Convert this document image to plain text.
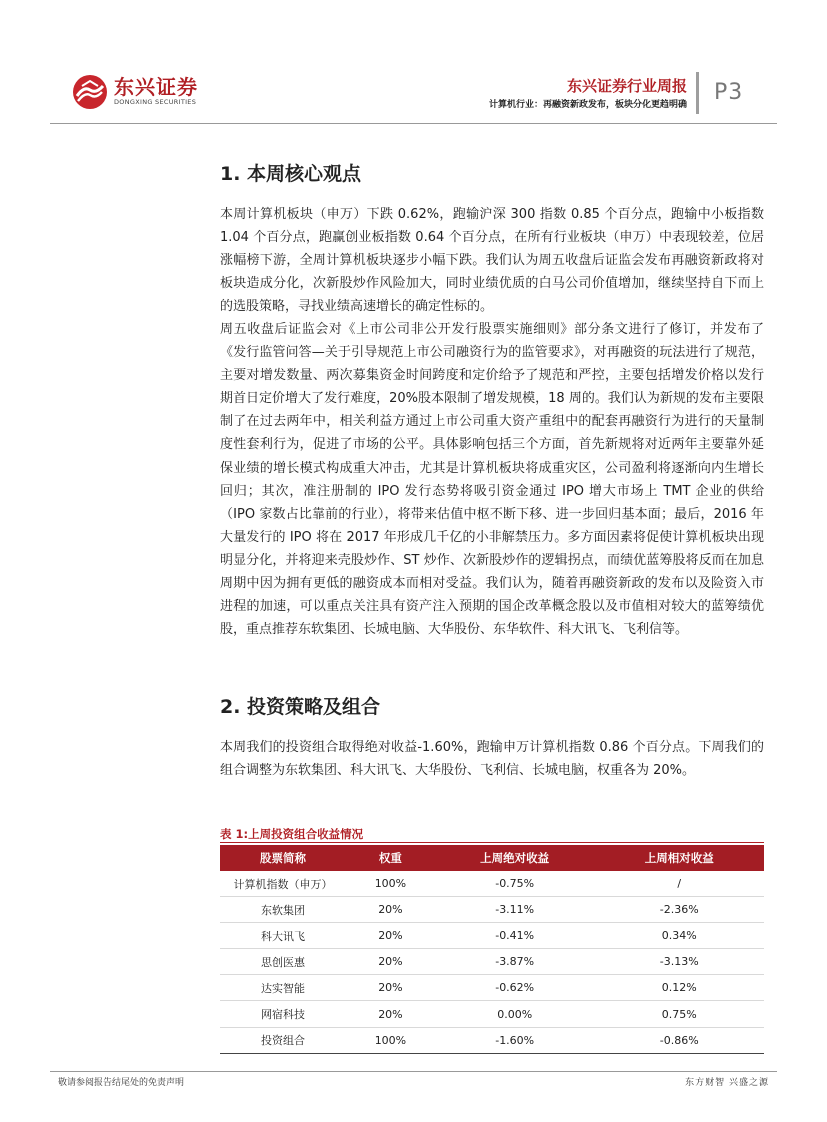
东兴证券
DONGXING SECURITIES
东兴证券行业周报
计算机行业：再融资新政发布，板块分化更趋明确 P3
1. 本周核心观点

本周计算机板块（申万）下跌 0.62%，跑输沪深 300 指数 0.85 个百分点，跑输中小板指数 1.04 个百分点，跑赢创业板指数 0.64 个百分点，在所有行业板块（申万）中表现较差，位居涨幅榜下游，全周计算机板块逐步小幅下跌。我们认为周五收盘后证监会发布再融资新政将对板块造成分化，次新股炒作风险加大，同时业绩优质的白马公司价值增加，继续坚持自下而上的选股策略，寻找业绩高速增长的确定性标的。

周五收盘后证监会对《上市公司非公开发行股票实施细则》部分条文进行了修订，并发布了《发行监管问答—关于引导规范上市公司融资行为的监管要求》，对再融资的玩法进行了规范，主要对增发数量、两次募集资金时间跨度和定价给予了规范和严控，主要包括增发价格以发行期首日定价增大了发行难度，20%股本限制了增发规模，18 周的。我们认为新规的发布主要限制了在过去两年中，相关利益方通过上市公司重大资产重组中的配套再融资行为进行的天量制度性套利行为，促进了市场的公平。具体影响包括三个方面，首先新规将对近两年主要靠外延保业绩的增长模式构成重大冲击，尤其是计算机板块将成重灾区，公司盈利将逐渐向内生增长回归；其次，准注册制的 IPO 发行态势将吸引资金通过 IPO 增大市场上 TMT 企业的供给（IPO 家数占比靠前的行业），将带来估值中枢不断下移、进一步回归基本面；最后，2016 年大量发行的 IPO 将在 2017 年形成几千亿的小非解禁压力。多方面因素将促使计算机板块出现明显分化，并将迎来壳股炒作、ST 炒作、次新股炒作的逻辑拐点，而绩优蓝筹股将反而在加息周期中因为拥有更低的融资成本而相对受益。我们认为，随着再融资新政的发布以及险资入市进程的加速，可以重点关注具有资产注入预期的国企改革概念股以及市值相对较大的蓝筹绩优股，重点推荐东软集团、长城电脑、大华股份、东华软件、科大讯飞、飞利信等。

2. 投资策略及组合

本周我们的投资组合取得绝对收益-1.60%，跑输申万计算机指数 0.86 个百分点。下周我们的组合调整为东软集团、科大讯飞、大华股份、飞利信、长城电脑，权重各为 20%。

表 1:上周投资组合收益情况
股票简称	权重	上周绝对收益	上周相对收益
计算机指数（申万）	100%	-0.75%	/
东软集团	20%	-3.11%	-2.36%
科大讯飞	20%	-0.41%	0.34%
思创医惠	20%	-3.87%	-3.13%
达实智能	20%	-0.62%	0.12%
网宿科技	20%	0.00%	0.75%
投资组合	100%	-1.60%	-0.86%
敬请参阅报告结尾处的免责声明	东方财智 兴盛之源
